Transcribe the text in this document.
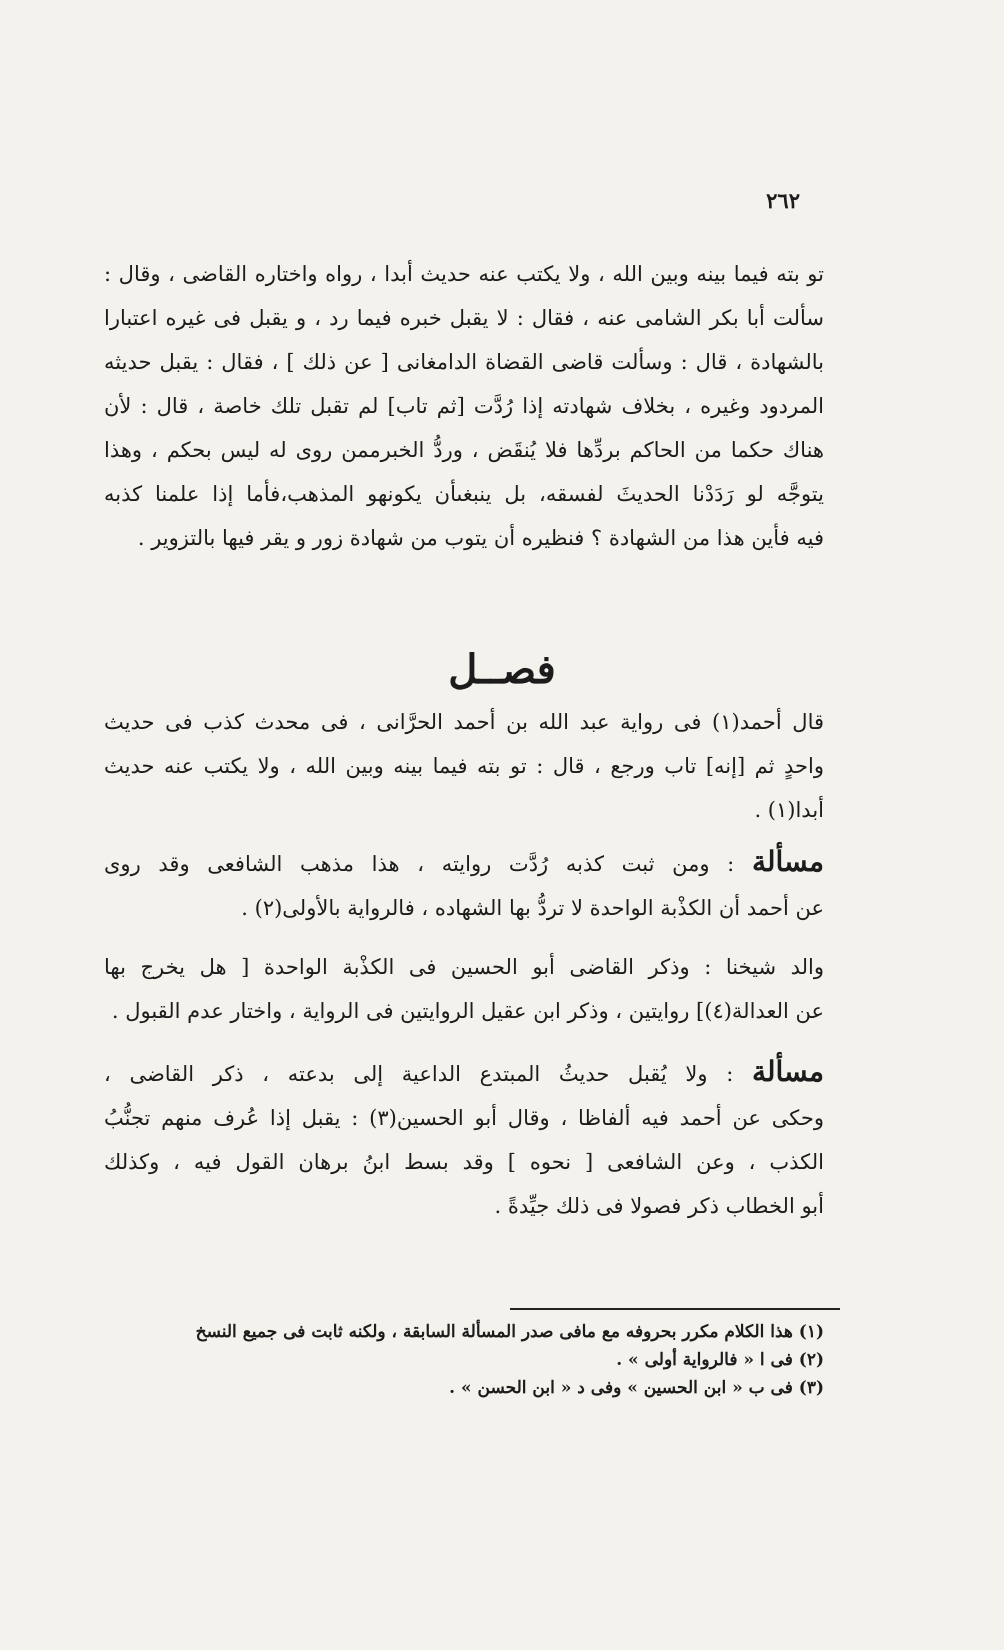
٢٦٢
تو بته فيما بينه وبين الله ، ولا يكتب عنه حديث أبدا ، رواه واختاره القاضى ، وقال :
سألت أبا بكر الشامى عنه ، فقال : لا يقبل خبره فيما رد ، و يقبل فى غيره اعتبارا
بالشهادة ، قال : وسألت قاضى القضاة الدامغانى [ عن ذلك ] ، فقال : يقبل حديثه
المردود وغيره ، بخلاف شهادته إذا رُدَّت [ثم تاب] لم تقبل تلك خاصة ، قال : لأن
هناك حكما من الحاكم بردِّها فلا يُنقَض ، وردُّ الخبرممن روى له ليس بحكم ، وهذا
يتوجَّه لو رَدَدْنا الحديثَ لفسقه، بل ينبغىأن يكونهو المذهب،فأما إذا علمنا كذبه
فيه فأين هذا من الشهادة ؟ فنظيره أن يتوب من شهادة زور و يقر فيها بالتزوير .
فصــل
قال أحمد(١) فى رواية عبد الله بن أحمد الحرَّانى ، فى محدث كذب فى حديث
واحدٍ ثم [إنه] تاب ورجع ، قال : تو بته فيما بينه وبين الله ، ولا يكتب عنه حديث
أبدا(١) .
مسألة : ومن ثبت كذبه رُدَّت روايته ، هذا مذهب الشافعى وقد روى
عن أحمد أن الكذْبة الواحدة لا تردُّ بها الشهاده ، فالرواية بالأولى(٢) .
والد شيخنا : وذكر القاضى أبو الحسين فى الكذْبة الواحدة [ هل يخرج بها
عن العدالة(٤)] روايتين ، وذكر ابن عقيل الروايتين فى الرواية ، واختار عدم القبول .
مسألة : ولا يُقبل حديثُ المبتدع الداعية إلى بدعته ، ذكر القاضى ،
وحكى عن أحمد فيه ألفاظا ، وقال أبو الحسين(٣) : يقبل إذا عُرف منهم تجنُّبُ
الكذب ، وعن الشافعى [ نحوه ] وقد بسط ابنُ برهان القول فيه ، وكذلك
أبو الخطاب ذكر فصولا فى ذلك جيِّدةً .
(١) هذا الكلام مكرر بحروفه مع مافى صدر المسألة السابقة ، ولكنه ثابت فى جميع النسخ
(٢) فى ا « فالرواية أولى » .
(٣) فى ب « ابن الحسين » وفى د « ابن الحسن » .
